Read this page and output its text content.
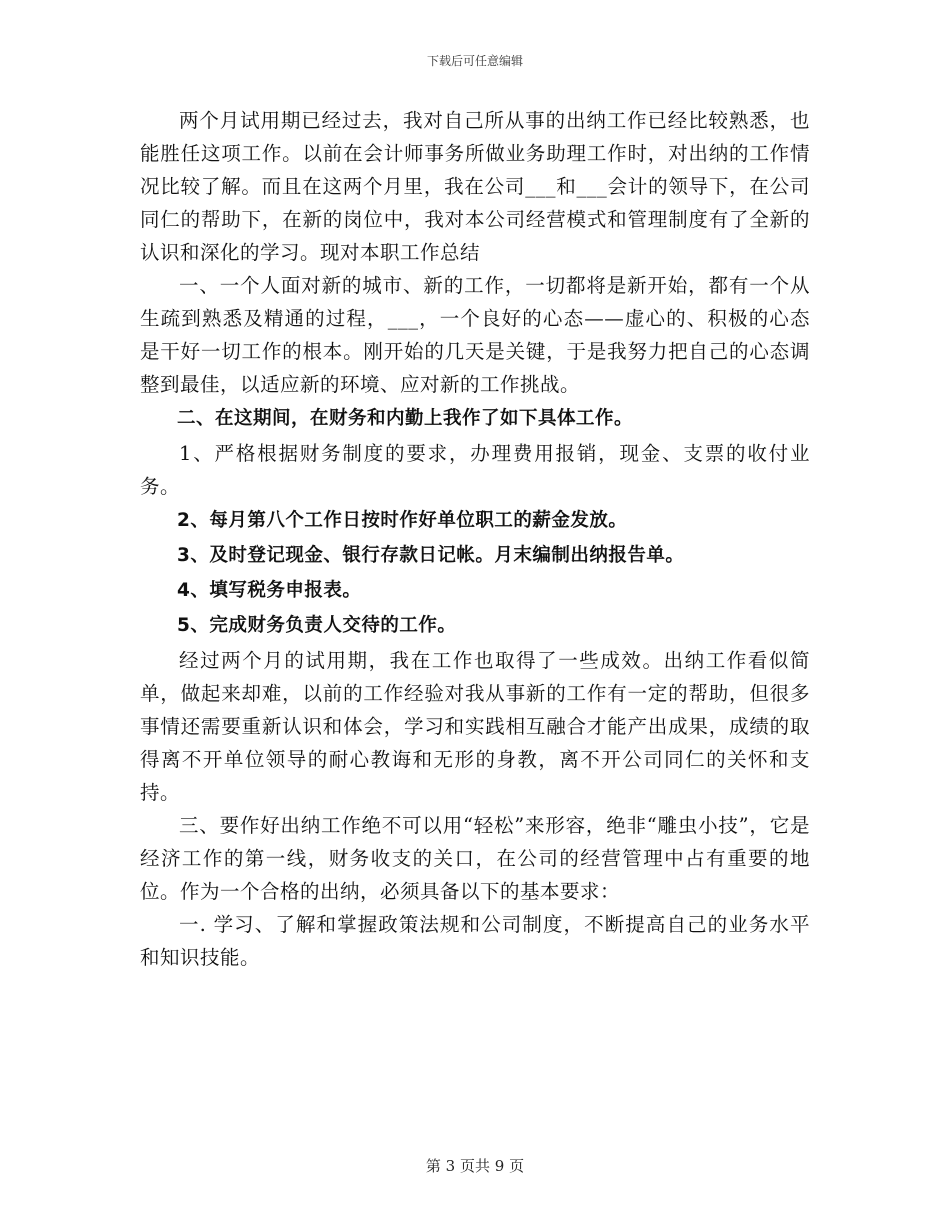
下载后可任意编辑

两个月试用期已经过去，我对自己所从事的出纳工作已经比较熟悉，也能胜任这项工作。以前在会计师事务所做业务助理工作时，对出纳的工作情况比较了解。而且在这两个月里，我在公司___和___会计的领导下，在公司同仁的帮助下，在新的岗位中，我对本公司经营模式和管理制度有了全新的认识和深化的学习。现对本职工作总结

一、一个人面对新的城市、新的工作，一切都将是新开始，都有一个从生疏到熟悉及精通的过程，___，一个良好的心态——虚心的、积极的心态是干好一切工作的根本。刚开始的几天是关键，于是我努力把自己的心态调整到最佳，以适应新的环境、应对新的工作挑战。

二、在这期间，在财务和内勤上我作了如下具体工作。

1、严格根据财务制度的要求，办理费用报销，现金、支票的收付业务。

2、每月第八个工作日按时作好单位职工的薪金发放。

3、及时登记现金、银行存款日记帐。月末编制出纳报告单。

4、填写税务申报表。

5、完成财务负责人交待的工作。

经过两个月的试用期，我在工作也取得了一些成效。出纳工作看似简单，做起来却难，以前的工作经验对我从事新的工作有一定的帮助，但很多事情还需要重新认识和体会，学习和实践相互融合才能产出成果，成绩的取得离不开单位领导的耐心教诲和无形的身教，离不开公司同仁的关怀和支持。

三、要作好出纳工作绝不可以用“轻松”来形容，绝非“雕虫小技”，它是经济工作的第一线，财务收支的关口，在公司的经营管理中占有重要的地位。作为一个合格的出纳，必须具备以下的基本要求：

一. 学习、了解和掌握政策法规和公司制度，不断提高自己的业务水平和知识技能。

第 3 页共 9 页
